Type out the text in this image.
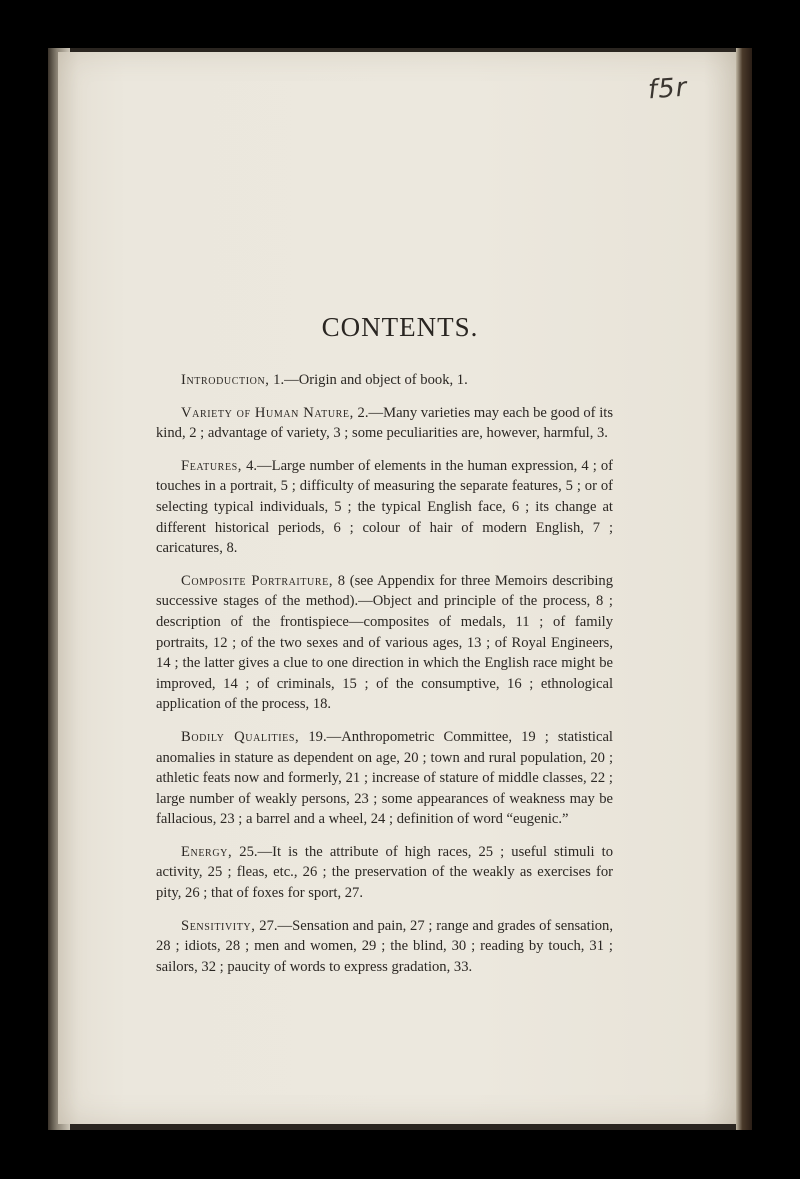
f5r
CONTENTS.

Introduction, 1.—Origin and object of book, 1.

Variety of Human Nature, 2.—Many varieties may each be good of its kind, 2 ; advantage of variety, 3 ; some peculiarities are, however, harmful, 3.

Features, 4.—Large number of elements in the human expression, 4 ; of touches in a portrait, 5 ; difficulty of measuring the separate features, 5 ; or of selecting typical individuals, 5 ; the typical English face, 6 ; its change at different historical periods, 6 ; colour of hair of modern English, 7 ; caricatures, 8.

Composite Portraiture, 8 (see Appendix for three Memoirs describing successive stages of the method).—Object and principle of the process, 8 ; description of the frontispiece—composites of medals, 11 ; of family portraits, 12 ; of the two sexes and of various ages, 13 ; of Royal Engineers, 14 ; the latter gives a clue to one direction in which the English race might be improved, 14 ; of criminals, 15 ; of the consumptive, 16 ; ethnological application of the process, 18.

Bodily Qualities, 19.—Anthropometric Committee, 19 ; statistical anomalies in stature as dependent on age, 20 ; town and rural population, 20 ; athletic feats now and formerly, 21 ; increase of stature of middle classes, 22 ; large number of weakly persons, 23 ; some appearances of weakness may be fallacious, 23 ; a barrel and a wheel, 24 ; definition of word “eugenic.”

Energy, 25.—It is the attribute of high races, 25 ; useful stimuli to activity, 25 ; fleas, etc., 26 ; the preservation of the weakly as exercises for pity, 26 ; that of foxes for sport, 27.

Sensitivity, 27.—Sensation and pain, 27 ; range and grades of sensation, 28 ; idiots, 28 ; men and women, 29 ; the blind, 30 ; reading by touch, 31 ; sailors, 32 ; paucity of words to express gradation, 33.
